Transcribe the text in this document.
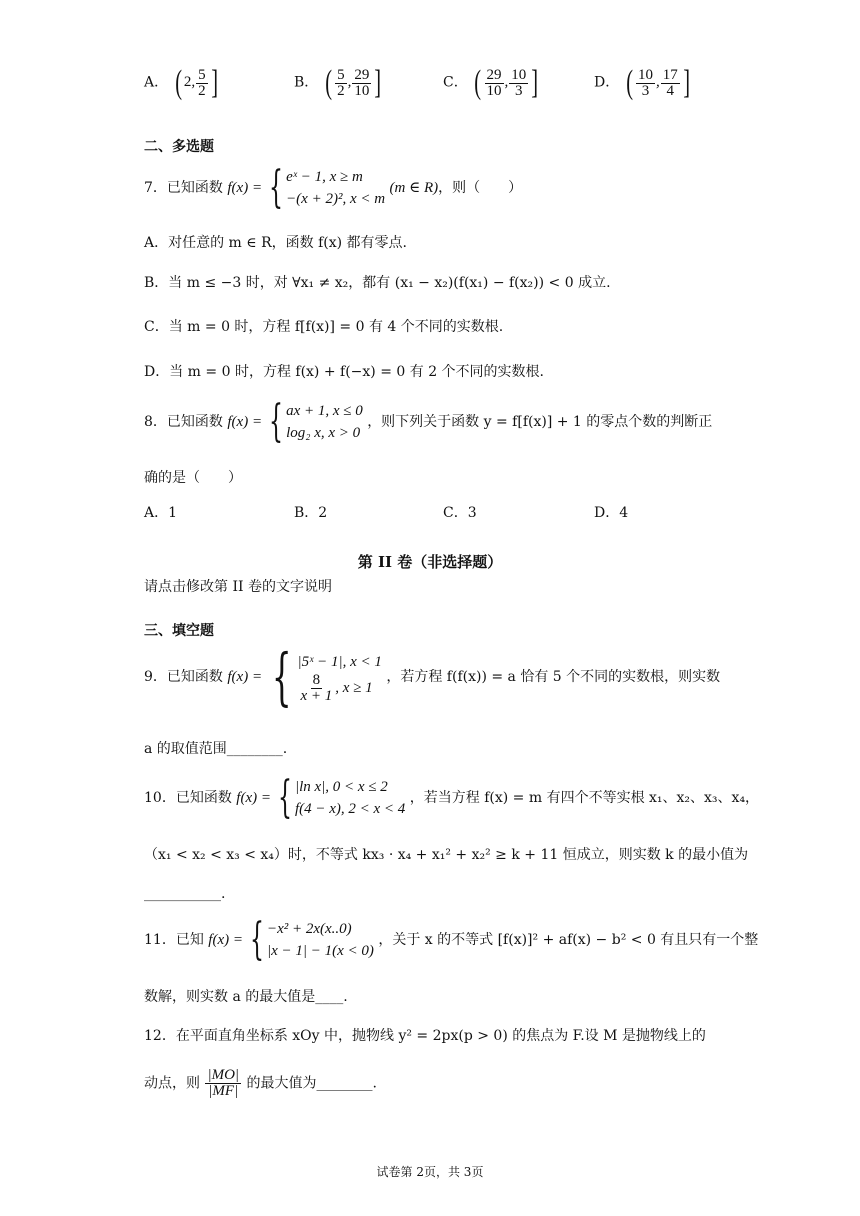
A． ( 2, $\frac{5}{2}$ ]	B． ( $\frac{5}{2}$ , $\frac{29}{10}$ ]	C． ( $\frac{29}{10}$ , $\frac{10}{3}$ ]	D． ( $\frac{10}{3}$ , $\frac{17}{4}$ ]
二、多选题
7．已知函数 f(x) = { eˣ − 1, x ≥ m
−(x + 2)², x < m
(m ∈ R)，则（　　）
A．对任意的 m ∈ R，函数 f(x) 都有零点.
B．当 m ≤ −3 时，对 ∀x₁ ≠ x₂，都有 (x₁ − x₂)(f(x₁) − f(x₂)) < 0 成立.
C．当 m = 0 时，方程 f[f(x)] = 0 有 4 个不同的实数根.
D．当 m = 0 时，方程 f(x) + f(−x) = 0 有 2 个不同的实数根.
8．已知函数 f(x) = { ax + 1, x ≤ 0
log₂ x, x > 0
，则下列关于函数 y = f[f(x)] + 1 的零点个数的判断正
确的是（　　）
A．1	B．2	C．3	D．4
第 II 卷（非选择题）
请点击修改第 II 卷的文字说明
三、填空题
9．已知函数 f(x) = { |5ˣ − 1|, x < 1
$\frac{8}{x + 1}$ , x ≥ 1
，若方程 f(f(x)) = a 恰有 5 个不同的实数根，则实数
a 的取值范围________.
10．已知函数 f(x) = { |ln x|, 0 < x ≤ 2
f(4 − x), 2 < x < 4
，若当方程 f(x) = m 有四个不等实根 x₁、x₂、x₃、x₄，
（x₁ < x₂ < x₃ < x₄）时，不等式 kx₃ · x₄ + x₁² + x₂² ≥ k + 11 恒成立，则实数 k 的最小值为
___________.
11．已知 f(x) = { −x² + 2x(x..0)
|x − 1| − 1(x < 0)
，关于 x 的不等式 [f(x)]² + af(x) − b² < 0 有且只有一个整
数解，则实数 a 的最大值是____.
12．在平面直角坐标系 xOy 中，抛物线 y² = 2px(p > 0) 的焦点为 F.设 M 是抛物线上的
动点，则 $\frac{|MO|}{|MF|}$ 的最大值为________.
试卷第 2页，共 3页
